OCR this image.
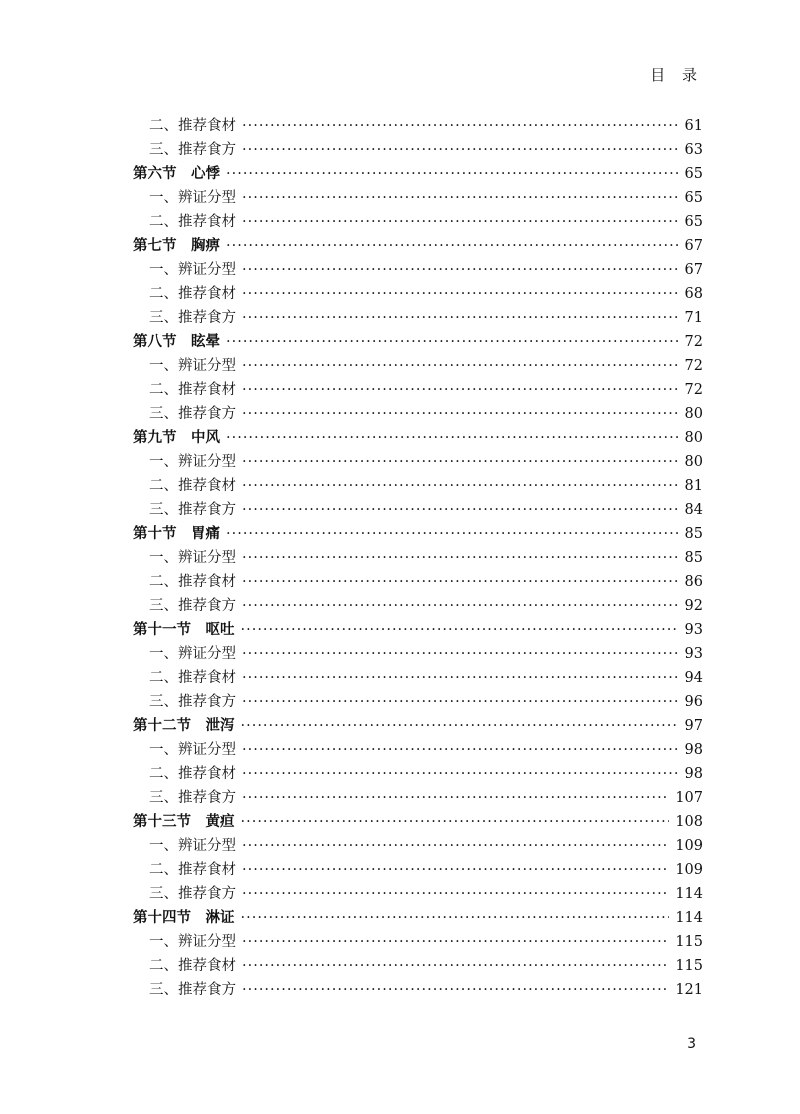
目 录
二、推荐食材 ·····	61
三、推荐食方 ·····	63
第六节　心悸 ·····	65
一、辨证分型 ·····	65
二、推荐食材 ·····	65
第七节　胸痹 ·····	67
一、辨证分型 ·····	67
二、推荐食材 ·····	68
三、推荐食方 ·····	71
第八节　眩晕 ·····	72
一、辨证分型 ·····	72
二、推荐食材 ·····	72
三、推荐食方 ·····	80
第九节　中风 ·····	80
一、辨证分型 ·····	80
二、推荐食材 ·····	81
三、推荐食方 ·····	84
第十节　胃痛 ·····	85
一、辨证分型 ·····	85
二、推荐食材 ·····	86
三、推荐食方 ·····	92
第十一节　呕吐 ·····	93
一、辨证分型 ·····	93
二、推荐食材 ·····	94
三、推荐食方 ·····	96
第十二节　泄泻 ·····	97
一、辨证分型 ·····	98
二、推荐食材 ·····	98
三、推荐食方 ·····	107
第十三节　黄疸 ·····	108
一、辨证分型 ·····	109
二、推荐食材 ·····	109
三、推荐食方 ·····	114
第十四节　淋证 ·····	114
一、辨证分型 ·····	115
二、推荐食材 ·····	115
三、推荐食方 ·····	121
3
